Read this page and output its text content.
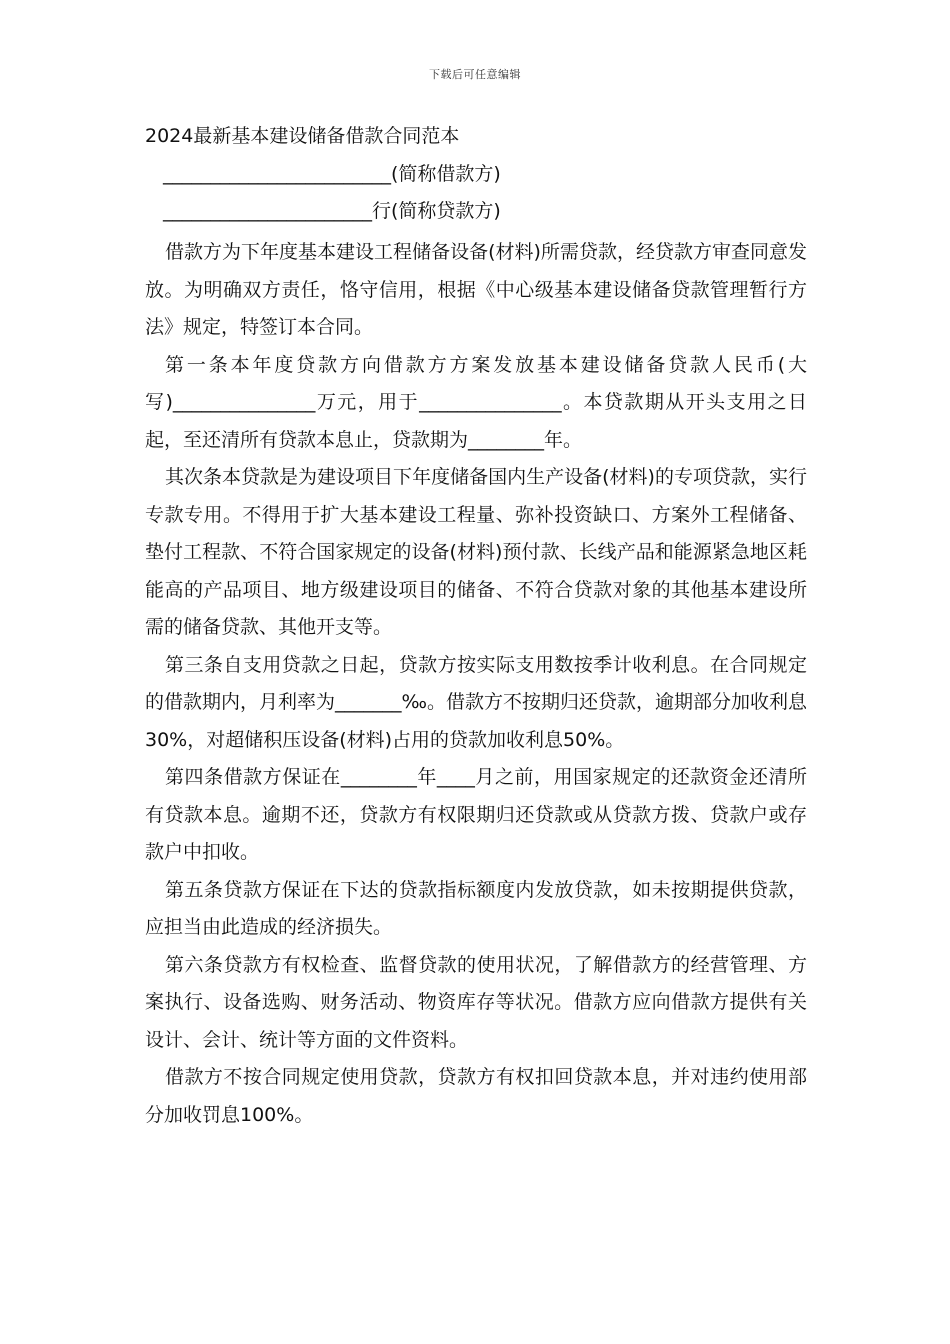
下载后可任意编辑
2024最新基本建设储备借款合同范本
________________________(简称借款方)
______________________行(简称贷款方)

借款方为下年度基本建设工程储备设备(材料)所需贷款，经贷款方审查同意发放。为明确双方责任，恪守信用，根据《中心级基本建设储备贷款管理暂行方法》规定，特签订本合同。

第一条本年度贷款方向借款方方案发放基本建设储备贷款人民币(大写)_______________万元，用于_______________。本贷款期从开头支用之日起，至还清所有贷款本息止，贷款期为________年。

其次条本贷款是为建设项目下年度储备国内生产设备(材料)的专项贷款，实行专款专用。不得用于扩大基本建设工程量、弥补投资缺口、方案外工程储备、垫付工程款、不符合国家规定的设备(材料)预付款、长线产品和能源紧急地区耗能高的产品项目、地方级建设项目的储备、不符合贷款对象的其他基本建设所需的储备贷款、其他开支等。

第三条自支用贷款之日起，贷款方按实际支用数按季计收利息。在合同规定的借款期内，月利率为_______‰。借款方不按期归还贷款，逾期部分加收利息30%，对超储积压设备(材料)占用的贷款加收利息50%。

第四条借款方保证在________年____月之前，用国家规定的还款资金还清所有贷款本息。逾期不还，贷款方有权限期归还贷款或从贷款方拨、贷款户或存款户中扣收。

第五条贷款方保证在下达的贷款指标额度内发放贷款，如未按期提供贷款，应担当由此造成的经济损失。

第六条贷款方有权检查、监督贷款的使用状况，了解借款方的经营管理、方案执行、设备选购、财务活动、物资库存等状况。借款方应向借款方提供有关设计、会计、统计等方面的文件资料。

借款方不按合同规定使用贷款，贷款方有权扣回贷款本息，并对违约使用部分加收罚息100%。
